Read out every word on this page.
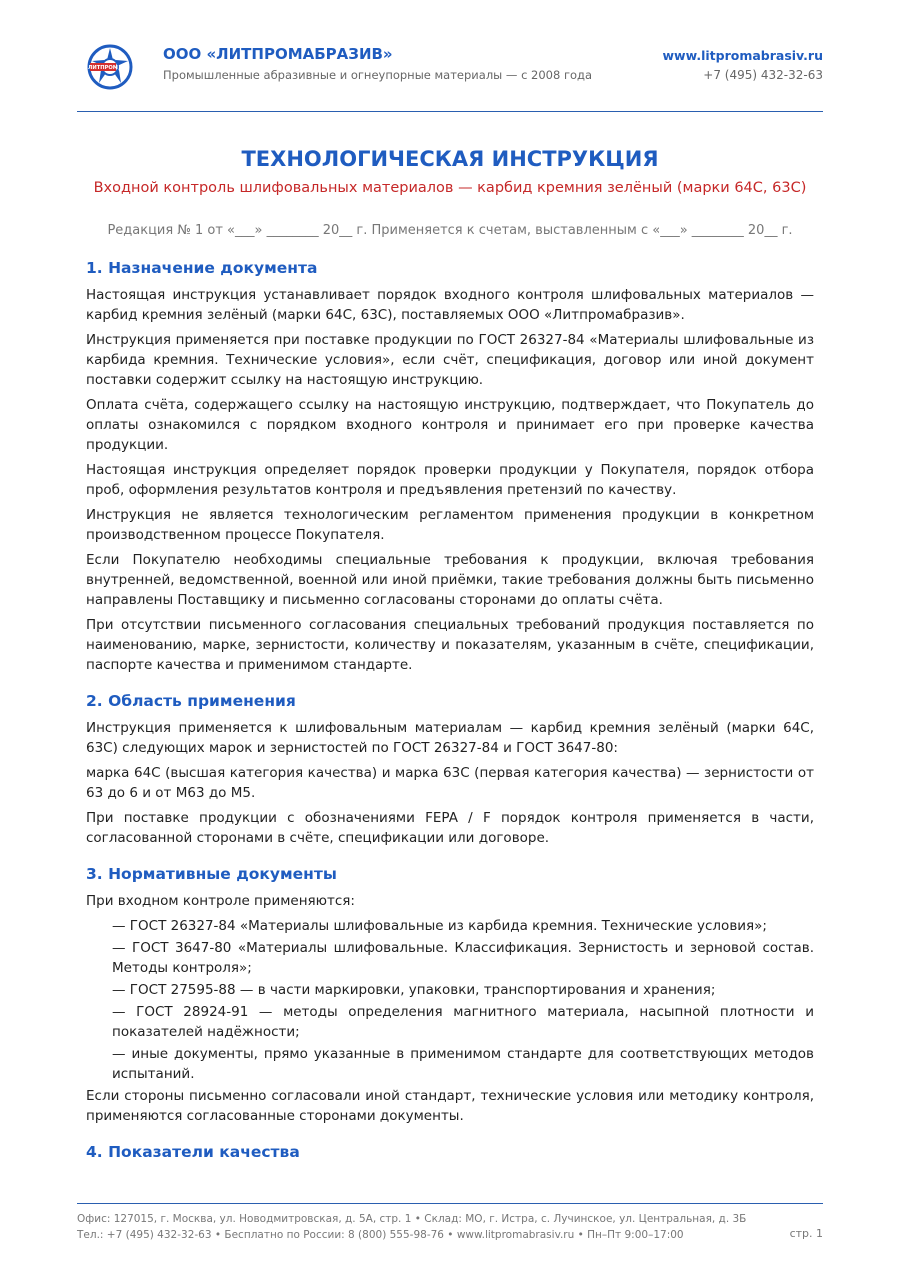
ЛИТПРОМ
ООО «ЛИТПРОМАБРАЗИВ»
Промышленные абразивные и огнеупорные материалы — с 2008 года
www.litpromabrasiv.ru
+7 (495) 432-32-63
ТЕХНОЛОГИЧЕСКАЯ ИНСТРУКЦИЯ
Входной контроль шлифовальных материалов — карбид кремния зелёный (марки 64С, 63С)
Редакция № 1 от «___» ________ 20__ г. Применяется к счетам, выставленным с «___» ________ 20__ г.
1. Назначение документа

Настоящая инструкция устанавливает порядок входного контроля шлифовальных материалов — карбид кремния зелёный (марки 64С, 63С), поставляемых ООО «Литпромабразив».

Инструкция применяется при поставке продукции по ГОСТ 26327-84 «Материалы шлифовальные из карбида кремния. Технические условия», если счёт, спецификация, договор или иной документ поставки содержит ссылку на настоящую инструкцию.

Оплата счёта, содержащего ссылку на настоящую инструкцию, подтверждает, что Покупатель до оплаты ознакомился с порядком входного контроля и принимает его при проверке качества продукции.

Настоящая инструкция определяет порядок проверки продукции у Покупателя, порядок отбора проб, оформления результатов контроля и предъявления претензий по качеству.

Инструкция не является технологическим регламентом применения продукции в конкретном производственном процессе Покупателя.

Если Покупателю необходимы специальные требования к продукции, включая требования внутренней, ведомственной, военной или иной приёмки, такие требования должны быть письменно направлены Поставщику и письменно согласованы сторонами до оплаты счёта.

При отсутствии письменного согласования специальных требований продукция поставляется по наименованию, марке, зернистости, количеству и показателям, указанным в счёте, спецификации, паспорте качества и применимом стандарте.

2. Область применения

Инструкция применяется к шлифовальным материалам — карбид кремния зелёный (марки 64С, 63С) следующих марок и зернистостей по ГОСТ 26327-84 и ГОСТ 3647-80:

марка 64С (высшая категория качества) и марка 63С (первая категория качества) — зернистости от 63 до 6 и от М63 до М5.

При поставке продукции с обозначениями FEPA / F порядок контроля применяется в части, согласованной сторонами в счёте, спецификации или договоре.

3. Нормативные документы

При входном контроле применяются:

— ГОСТ 26327-84 «Материалы шлифовальные из карбида кремния. Технические условия»;
— ГОСТ 3647-80 «Материалы шлифовальные. Классификация. Зернистость и зерновой состав. Методы контроля»;
— ГОСТ 27595-88 — в части маркировки, упаковки, транспортирования и хранения;
— ГОСТ 28924-91 — методы определения магнитного материала, насыпной плотности и показателей надёжности;
— иные документы, прямо указанные в применимом стандарте для соответствующих методов испытаний.

Если стороны письменно согласовали иной стандарт, технические условия или методику контроля, применяются согласованные сторонами документы.

4. Показатели качества
Офис: 127015, г. Москва, ул. Новодмитровская, д. 5А, стр. 1 • Склад: МО, г. Истра, с. Лучинское, ул. Центральная, д. 3Б
Тел.: +7 (495) 432-32-63 • Бесплатно по России: 8 (800) 555-98-76 • www.litpromabrasiv.ru • Пн–Пт 9:00–17:00	стр. 1
